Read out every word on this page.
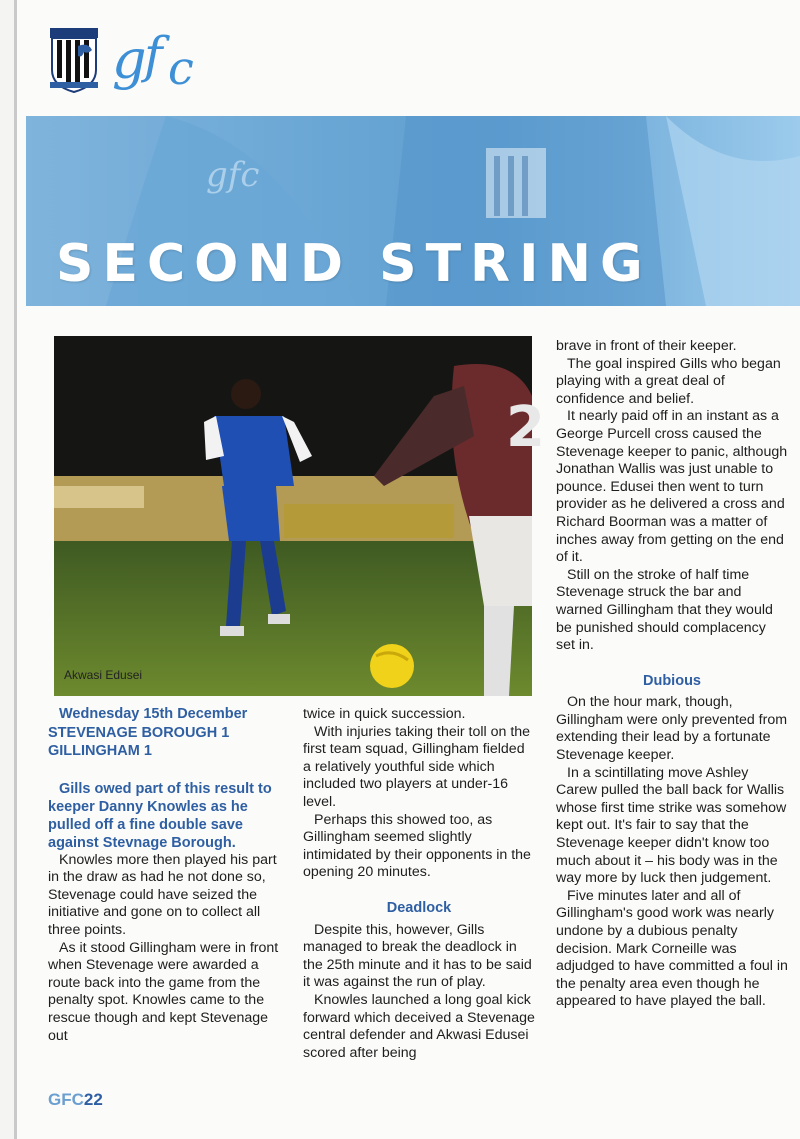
g
f c
gfc
SECOND STRING
2
Akwasi Edusei

Wednesday 15th December

STEVENAGE BOROUGH 1
GILLINGHAM 1

Gills owed part of this result to keeper Danny Knowles as he pulled off a fine double save against Stevnage Borough.

Knowles more then played his part in the draw as had he not done so, Stevenage could have seized the initiative and gone on to collect all three points.

As it stood Gillingham were in front when Stevenage were awarded a route back into the game from the penalty spot. Knowles came to the rescue though and kept Stevenage out

twice in quick succession.

With injuries taking their toll on the first team squad, Gillingham fielded a relatively youthful side which included two players at under-16 level.

Perhaps this showed too, as Gillingham seemed slightly intimidated by their opponents in the opening 20 minutes.

Deadlock

Despite this, however, Gills managed to break the deadlock in the 25th minute and it has to be said it was against the run of play.

Knowles launched a long goal kick forward which deceived a Stevenage central defender and Akwasi Edusei scored after being

brave in front of their keeper.

The goal inspired Gills who began playing with a great deal of confidence and belief.

It nearly paid off in an instant as a George Purcell cross caused the Stevenage keeper to panic, although Jonathan Wallis was just unable to pounce. Edusei then went to turn provider as he delivered a cross and Richard Boorman was a matter of inches away from getting on the end of it.

Still on the stroke of half time Stevenage struck the bar and warned Gillingham that they would be punished should complacency set in.

Dubious

On the hour mark, though, Gillingham were only prevented from extending their lead by a fortunate Stevenage keeper.

In a scintillating move Ashley Carew pulled the ball back for Wallis whose first time strike was somehow kept out. It's fair to say that the Stevenage keeper didn't know too much about it – his body was in the way more by luck then judgement.

Five minutes later and all of Gillingham's good work was nearly undone by a dubious penalty decision. Mark Corneille was adjudged to have committed a foul in the penalty area even though he appeared to have played the ball.

GFC22
